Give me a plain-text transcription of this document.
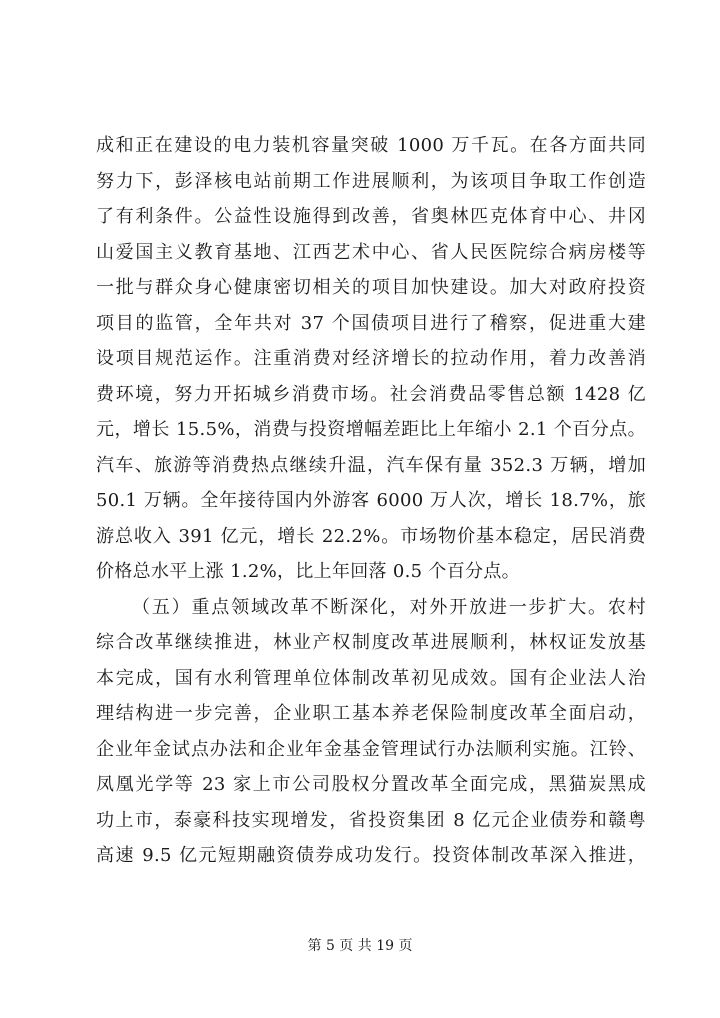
成和正在建设的电力装机容量突破 1000 万千瓦。在各方面共同
努力下，彭泽核电站前期工作进展顺利，为该项目争取工作创造
了有利条件。公益性设施得到改善，省奥林匹克体育中心、井冈
山爱国主义教育基地、江西艺术中心、省人民医院综合病房楼等
一批与群众身心健康密切相关的项目加快建设。加大对政府投资
项目的监管，全年共对 37 个国债项目进行了稽察，促进重大建
设项目规范运作。注重消费对经济增长的拉动作用，着力改善消
费环境，努力开拓城乡消费市场。社会消费品零售总额 1428 亿
元，增长 15.5%，消费与投资增幅差距比上年缩小 2.1 个百分点。
汽车、旅游等消费热点继续升温，汽车保有量 352.3 万辆，增加
50.1 万辆。全年接待国内外游客 6000 万人次，增长 18.7%，旅
游总收入 391 亿元，增长 22.2%。市场物价基本稳定，居民消费
价格总水平上涨 1.2%，比上年回落 0.5 个百分点。
（五）重点领域改革不断深化，对外开放进一步扩大。农村
综合改革继续推进，林业产权制度改革进展顺利，林权证发放基
本完成，国有水利管理单位体制改革初见成效。国有企业法人治
理结构进一步完善，企业职工基本养老保险制度改革全面启动，
企业年金试点办法和企业年金基金管理试行办法顺利实施。江铃、
凤凰光学等 23 家上市公司股权分置改革全面完成，黑猫炭黑成
功上市，泰豪科技实现增发，省投资集团 8 亿元企业债券和赣粤
高速 9.5 亿元短期融资债券成功发行。投资体制改革深入推进，
第 5 页 共 19 页
